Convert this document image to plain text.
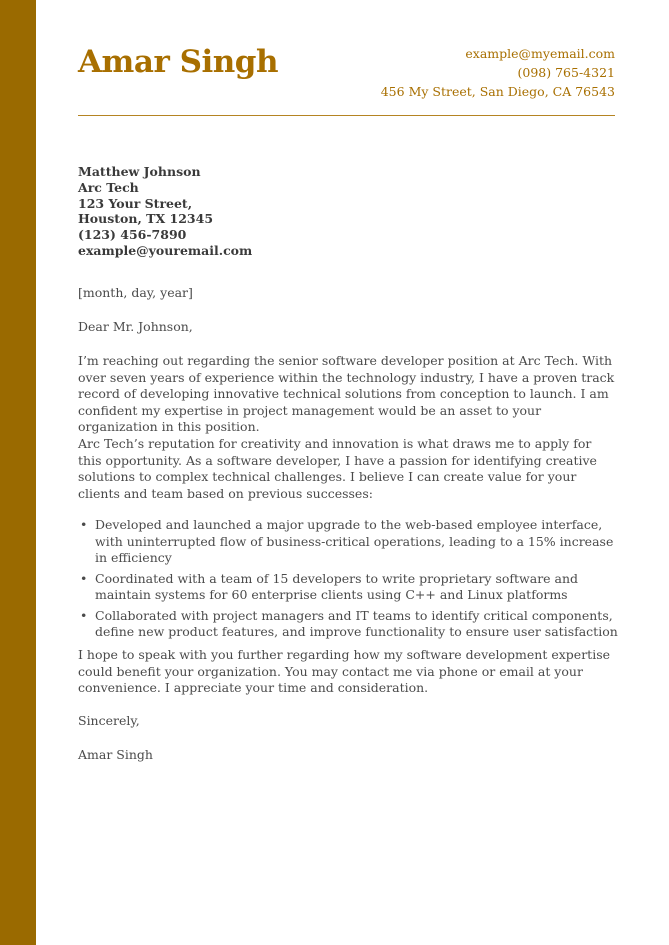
Amar Singh	example@myemail.com
(098) 765-4321
456 My Street, San Diego, CA 76543
Matthew Johnson
Arc Tech
123 Your Street,
Houston, TX 12345
(123) 456-7890
example@youremail.com

[month, day, year]

Dear Mr. Johnson,

I’m reaching out regarding the senior software developer position at Arc Tech. With over seven years of experience within the technology industry, I have a proven track record of developing innovative technical solutions from conception to launch. I am confident my expertise in project management would be an asset to your organization in this position.

Arc Tech’s reputation for creativity and innovation is what draws me to apply for this opportunity. As a software developer, I have a passion for identifying creative solutions to complex technical challenges. I believe I can create value for your clients and team based on previous successes:

• Developed and launched a major upgrade to the web-based employee interface, with uninterrupted flow of business-critical operations, leading to a 15% increase in efficiency
• Coordinated with a team of 15 developers to write proprietary software and maintain systems for 60 enterprise clients using C++ and Linux platforms
• Collaborated with project managers and IT teams to identify critical components, define new product features, and improve functionality to ensure user satisfaction

I hope to speak with you further regarding how my software development expertise could benefit your organization. You may contact me via phone or email at your convenience. I appreciate your time and consideration.

Sincerely,

Amar Singh
